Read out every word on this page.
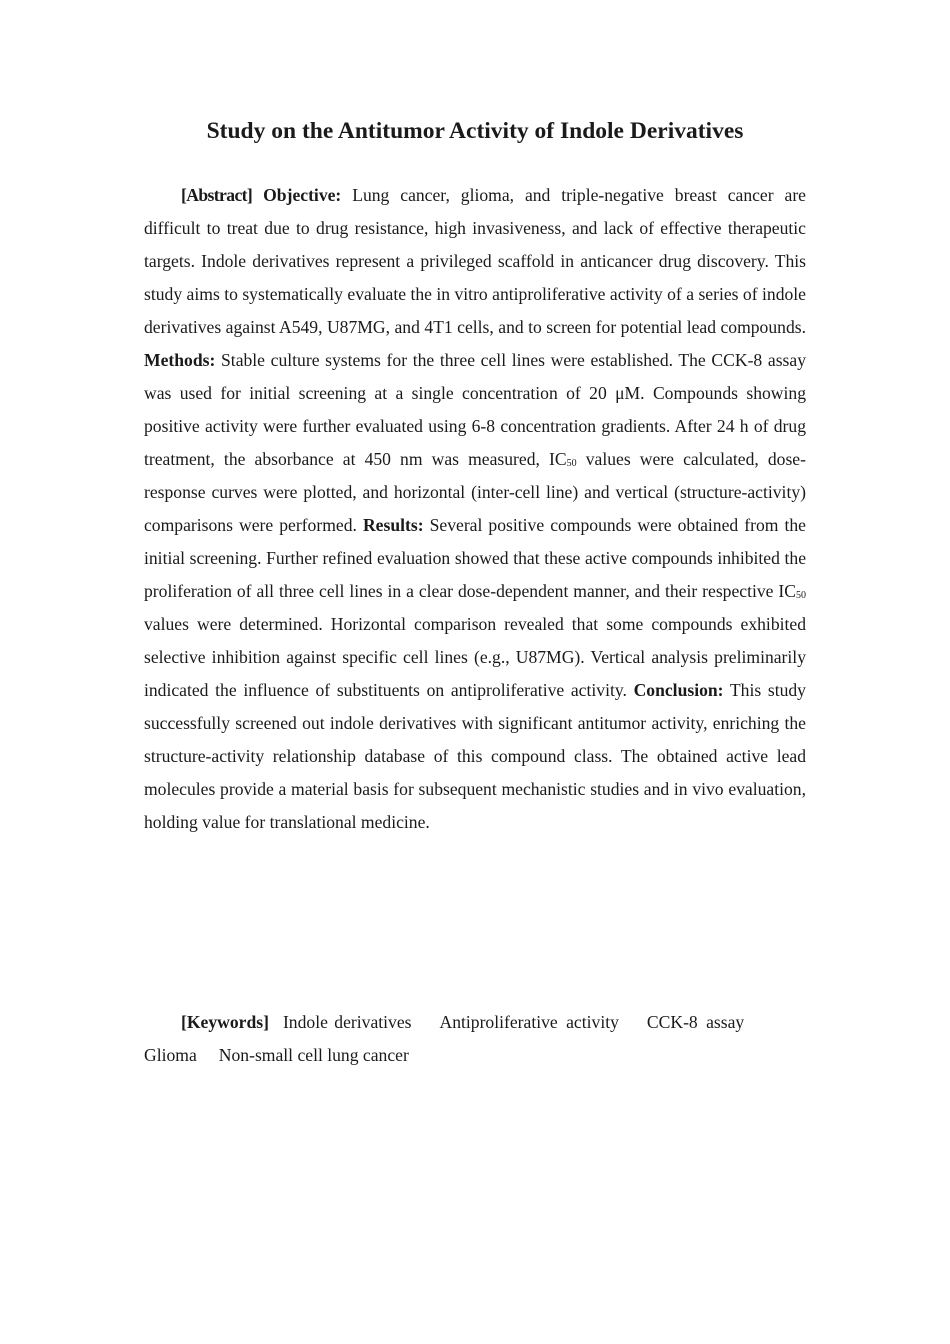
Study on the Antitumor Activity of Indole Derivatives

[Abstract] Objective: Lung cancer, glioma, and triple-negative breast cancer are difficult to treat due to drug resistance, high invasiveness, and lack of effective therapeutic targets. Indole derivatives represent a privileged scaffold in anticancer drug discovery. This study aims to systematically evaluate the in vitro antiproliferative activity of a series of indole derivatives against A549, U87MG, and 4T1 cells, and to screen for potential lead compounds. Methods: Stable culture systems for the three cell lines were established. The CCK-8 assay was used for initial screening at a single concentration of 20 μM. Compounds showing positive activity were further evaluated using 6-8 concentration gradients. After 24 h of drug treatment, the absorbance at 450 nm was measured, $IC_{50}$ values were calculated, dose-response curves were plotted, and horizontal (inter-cell line) and vertical (structure-activity) comparisons were performed. Results: Several positive compounds were obtained from the initial screening. Further refined evaluation showed that these active compounds inhibited the proliferation of all three cell lines in a clear dose-dependent manner, and their respective $IC_{50}$ values were determined. Horizontal comparison revealed that some compounds exhibited selective inhibition against specific cell lines (e.g., U87MG). Vertical analysis preliminarily indicated the influence of substituents on antiproliferative activity. Conclusion: This study successfully screened out indole derivatives with significant antitumor activity, enriching the structure-activity relationship database of this compound class. The obtained active lead molecules provide a material basis for subsequent mechanistic studies and in vivo evaluation, holding value for translational medicine.

[Keywords] Indole derivatives Antiproliferative activity CCK-8 assay
Glioma Non-small cell lung cancer
